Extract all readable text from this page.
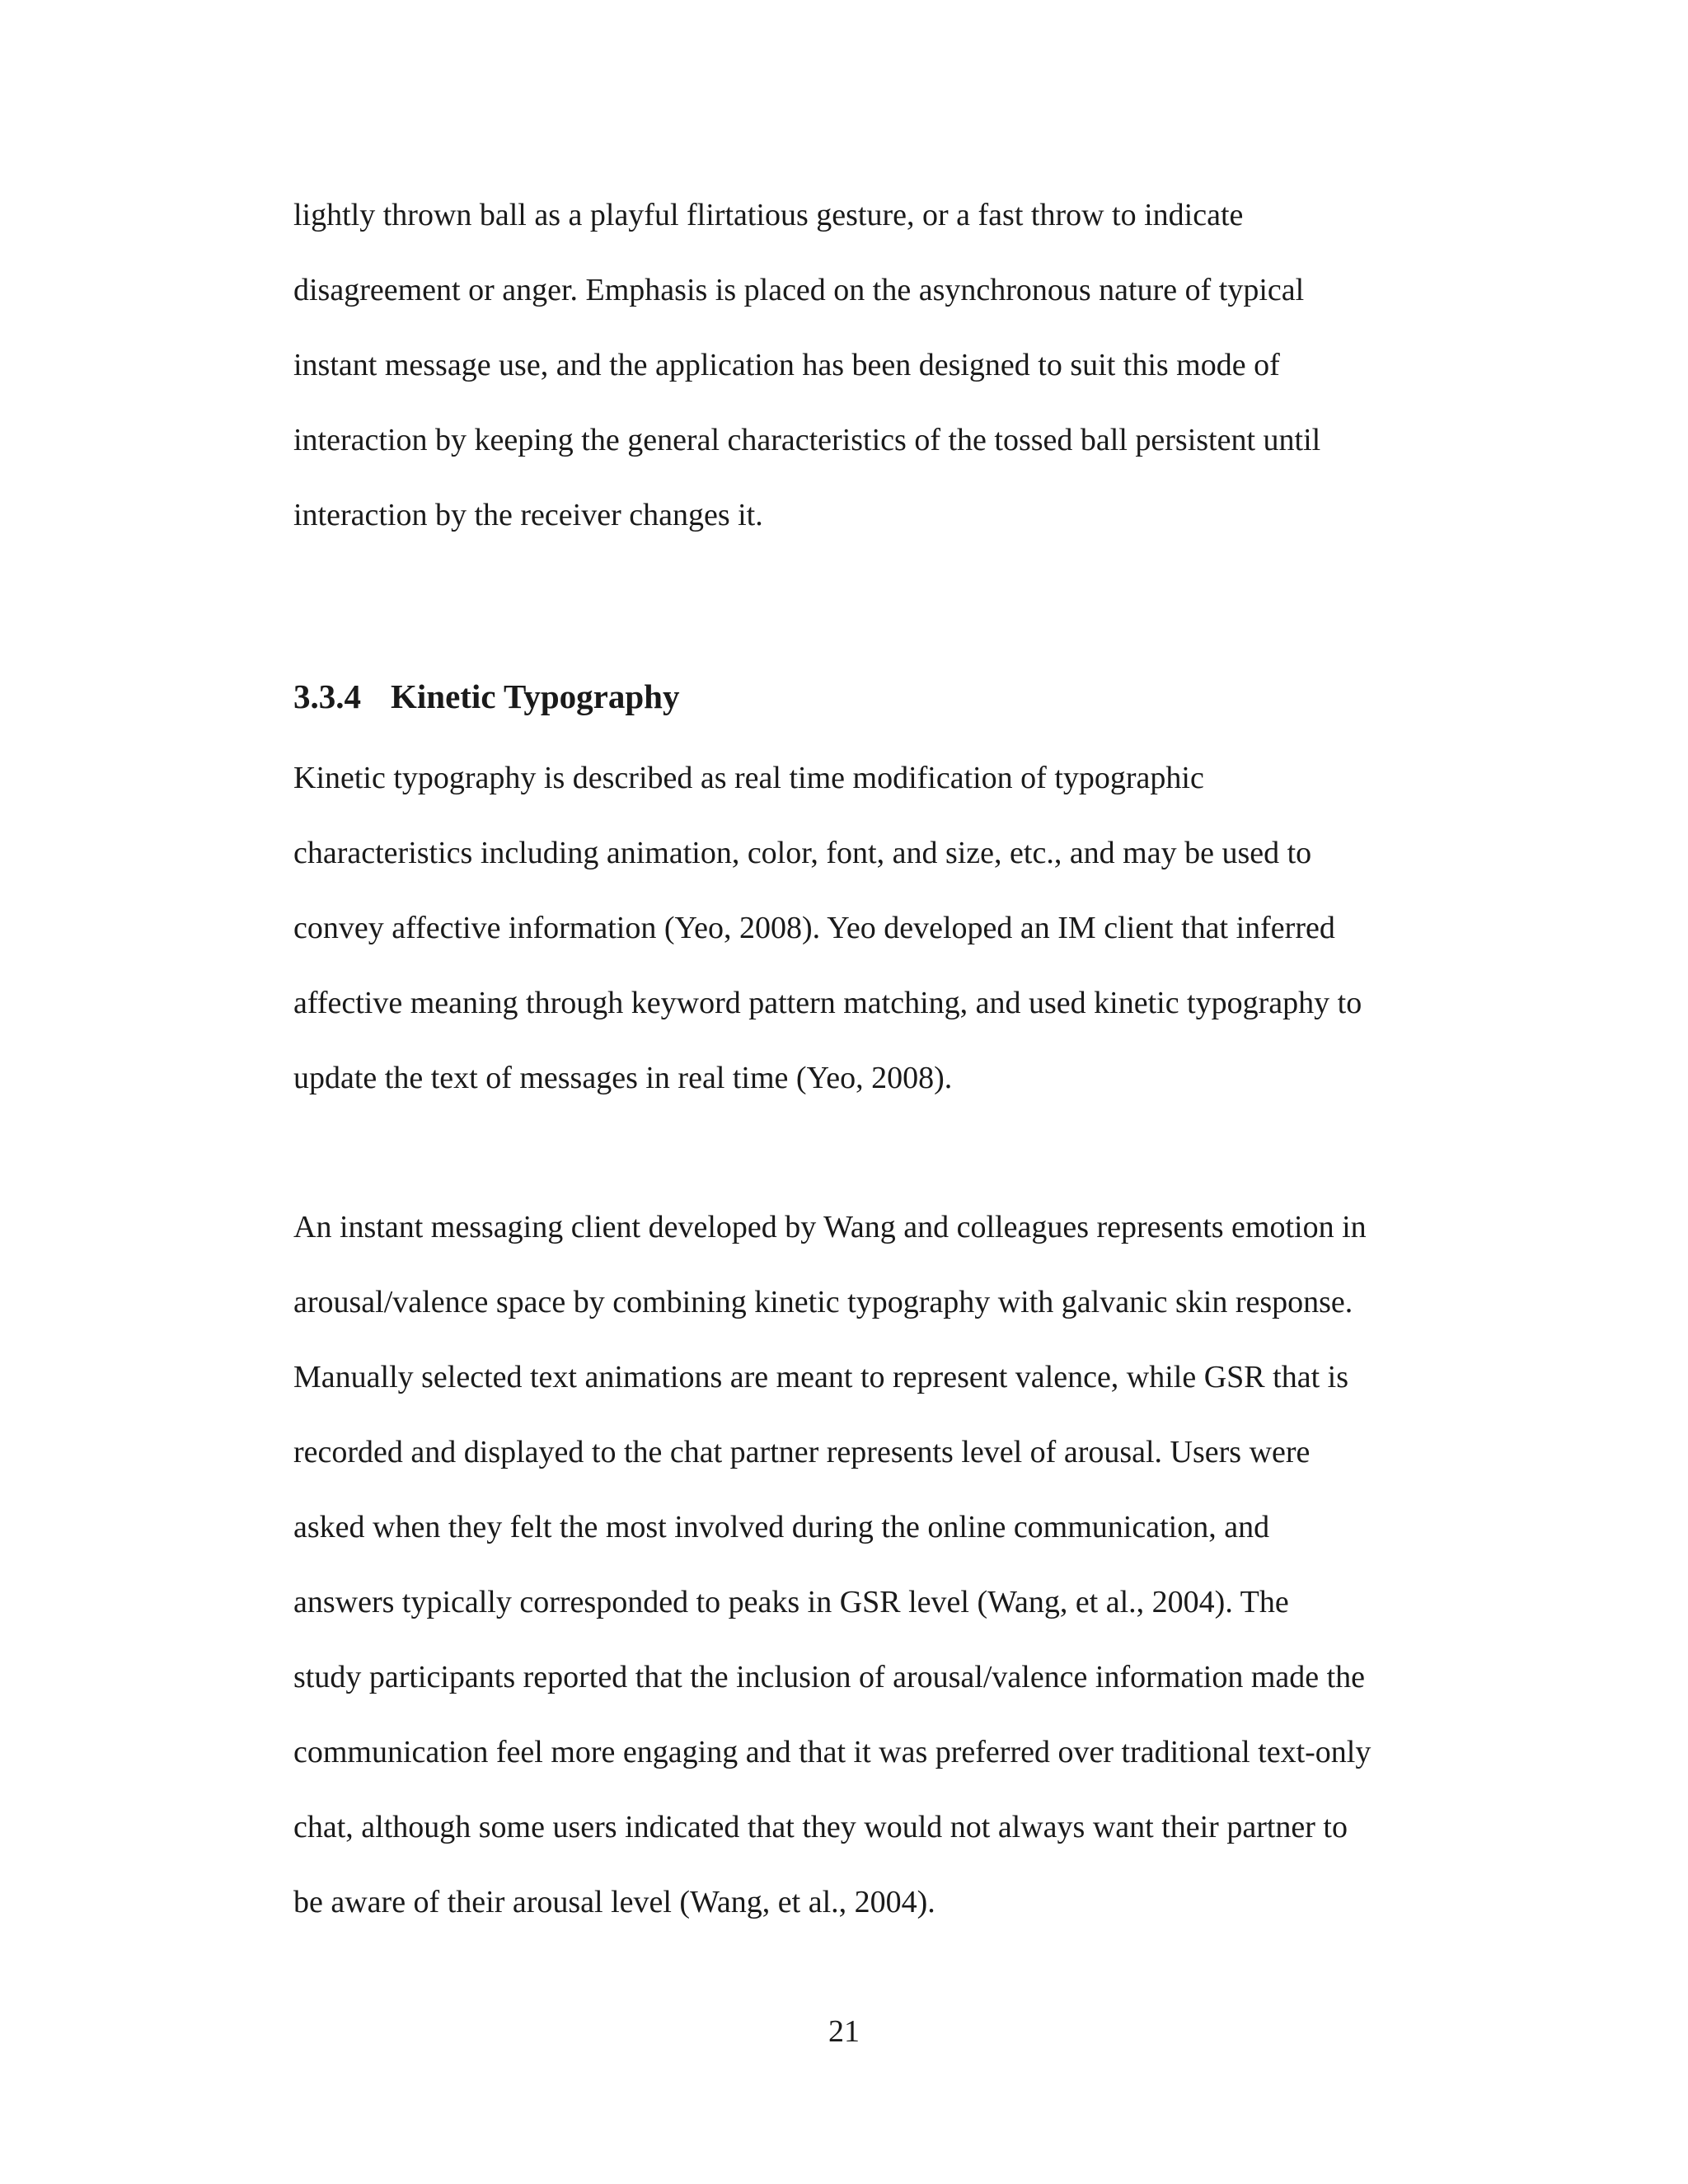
lightly thrown ball as a playful flirtatious gesture, or a fast throw to indicate
disagreement or anger. Emphasis is placed on the asynchronous nature of typical
instant message use, and the application has been designed to suit this mode of
interaction by keeping the general characteristics of the tossed ball persistent until
interaction by the receiver changes it.
3.3.4 Kinetic Typography
Kinetic typography is described as real time modification of typographic
characteristics including animation, color, font, and size, etc., and may be used to
convey affective information (Yeo, 2008). Yeo developed an IM client that inferred
affective meaning through keyword pattern matching, and used kinetic typography to
update the text of messages in real time (Yeo, 2008).
An instant messaging client developed by Wang and colleagues represents emotion in
arousal/valence space by combining kinetic typography with galvanic skin response.
Manually selected text animations are meant to represent valence, while GSR that is
recorded and displayed to the chat partner represents level of arousal. Users were
asked when they felt the most involved during the online communication, and
answers typically corresponded to peaks in GSR level (Wang, et al., 2004). The
study participants reported that the inclusion of arousal/valence information made the
communication feel more engaging and that it was preferred over traditional text-only
chat, although some users indicated that they would not always want their partner to
be aware of their arousal level (Wang, et al., 2004).
21
